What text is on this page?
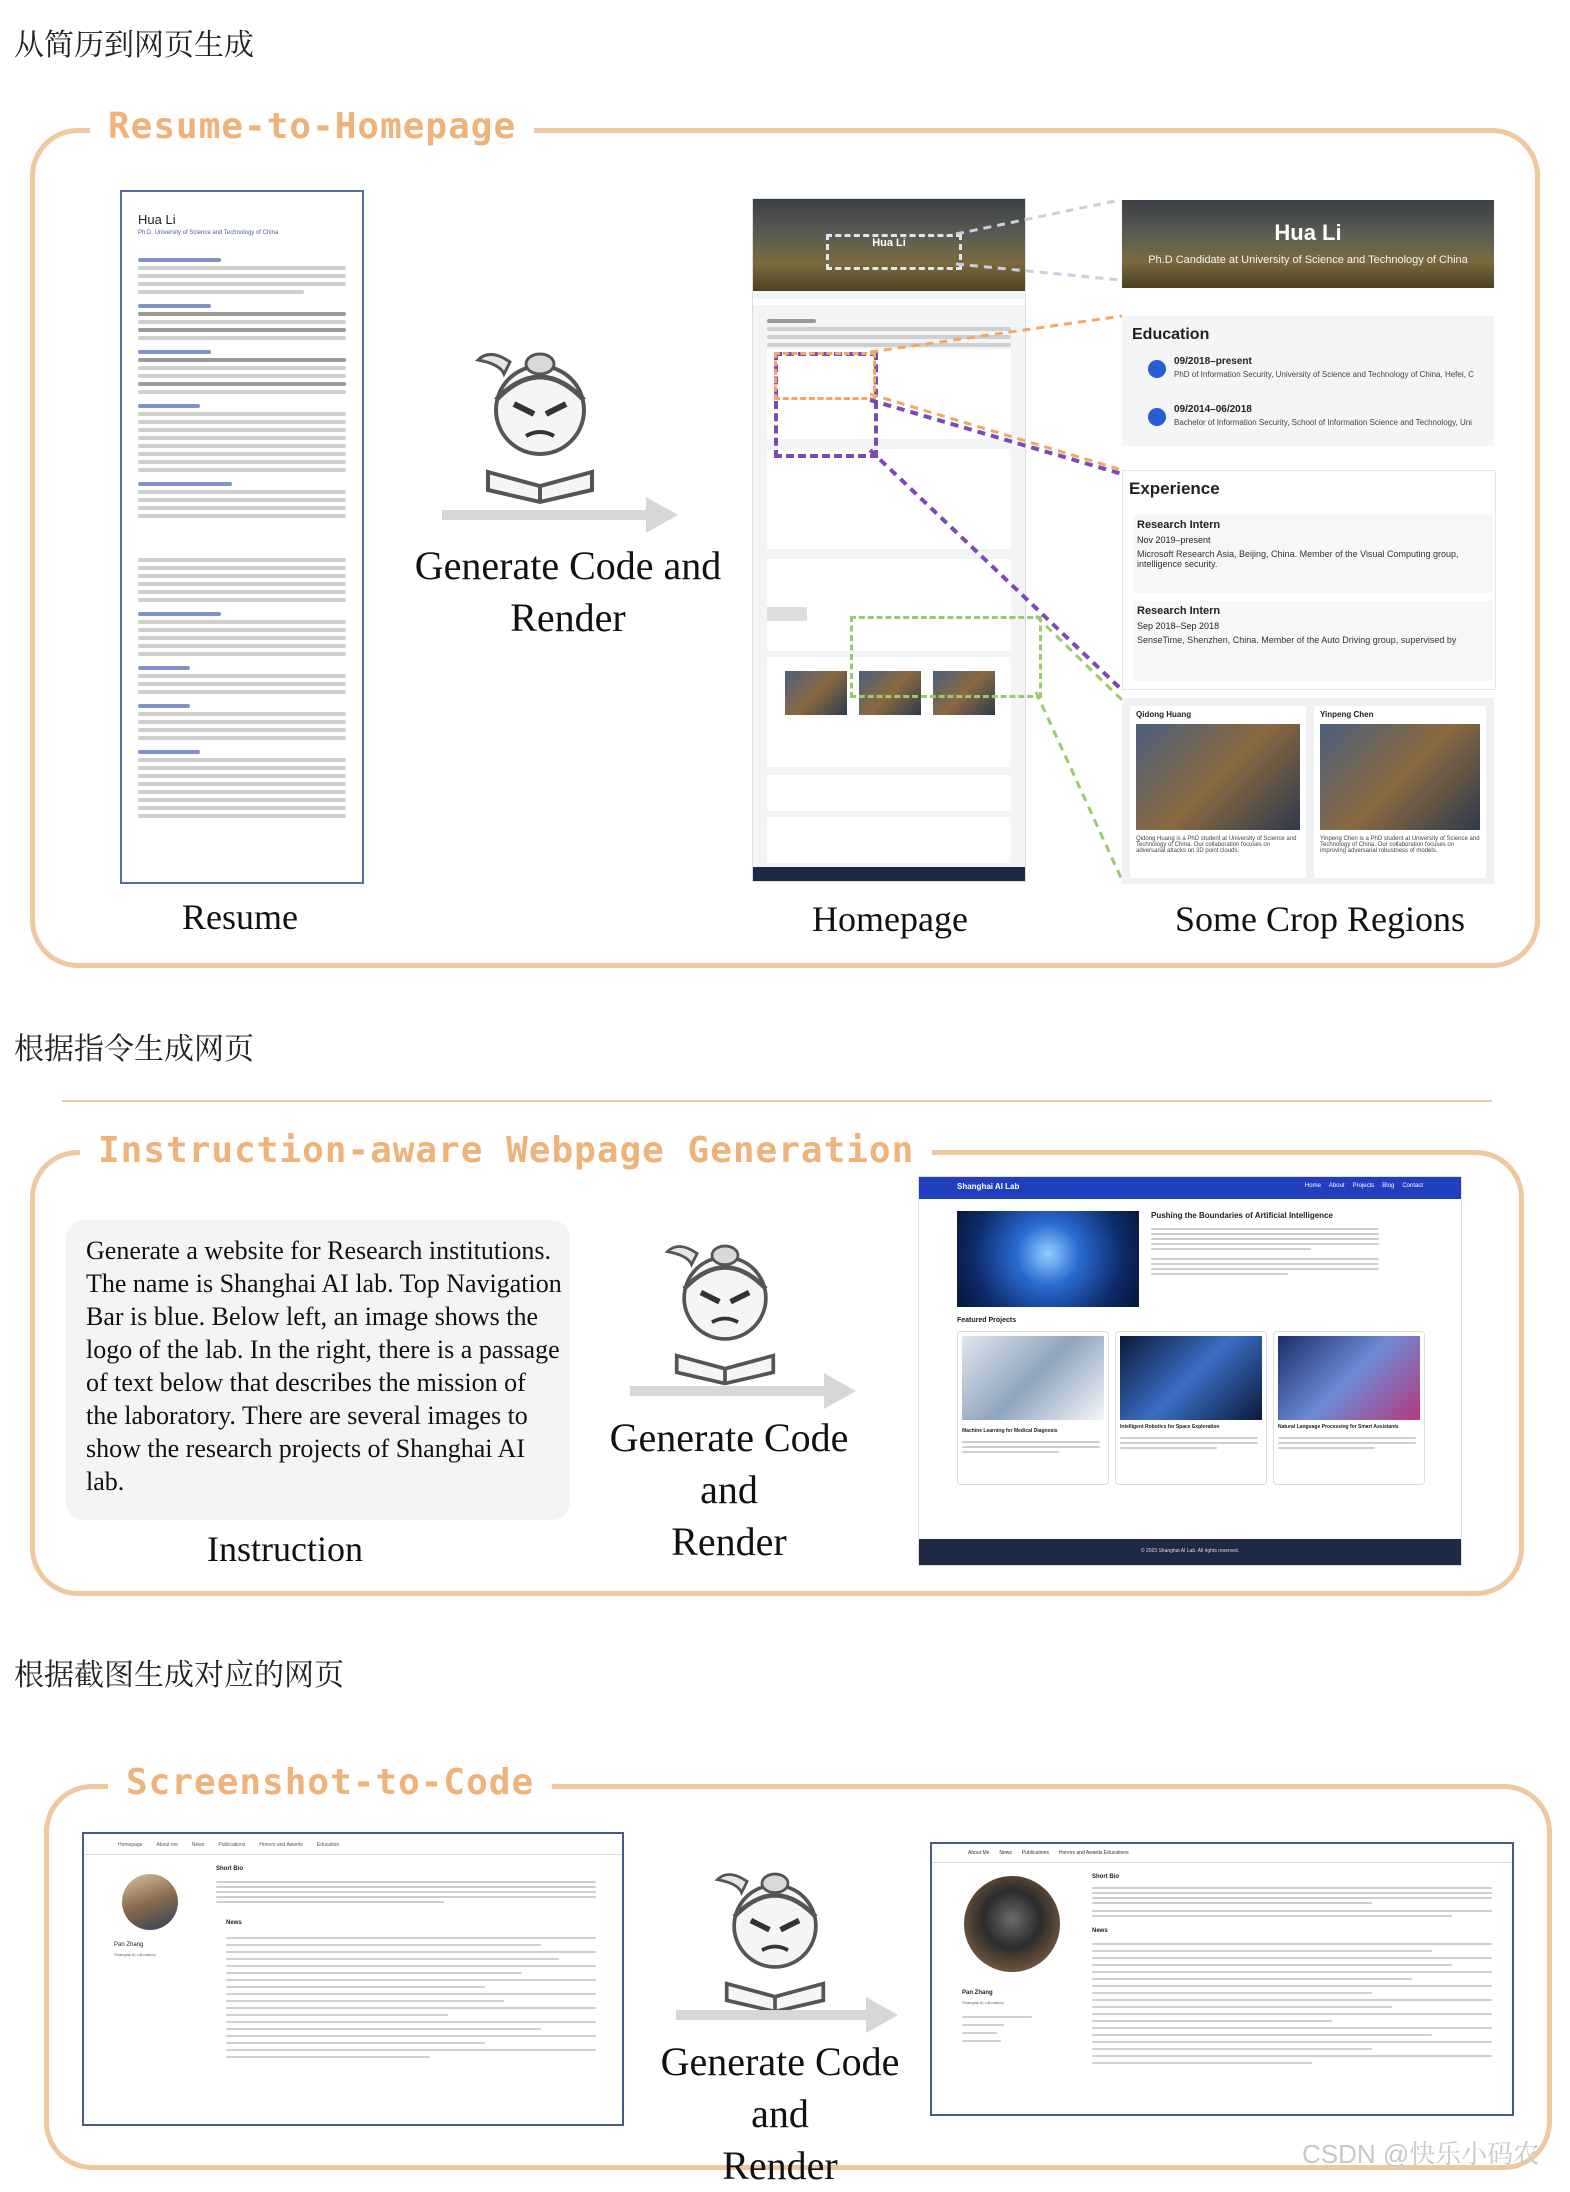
从简历到网页生成
Resume-to-Homepage
Hua Li
Ph.D. University of Science and Technology of China
Resume
Generate Code and
Render
Hua Li
Homepage
Hua Li
Ph.D Candidate at University of Science and Technology of China
Education
09/2018–present
PhD of Information Security, University of Science and Technology of China, Hefei, C
09/2014–06/2018
Bachelor of Information Security, School of Information Science and Technology, Uni
Experience
Research Intern
Nov 2019–present
Microsoft Research Asia, Beijing, China. Member of the Visual Computing group, intelligence security.
Research Intern
Sep 2018–Sep 2018
SenseTime, Shenzhen, China. Member of the Auto Driving group, supervised by
Qidong Huang
Qidong Huang is a PhD student at University of Science and Technology of China. Our collaboration focuses on adversarial attacks on 3D point clouds.
Yinpeng Chen
Yinpeng Chen is a PhD student at University of Science and Technology of China. Our collaboration focuses on improving adversarial robustness of models.
Some Crop Regions
根据指令生成网页
Instruction-aware Webpage Generation
Generate a website for Research institutions. The name is Shanghai AI lab. Top Navigation Bar is blue. Below left, an image shows the logo of the lab. In the right, there is a passage of text below that describes the mission of the laboratory. There are several images to show the research projects of Shanghai AI lab.
Instruction
Generate Code and
Render
Shanghai AI Lab	Home About Projects Blog Contact
Pushing the Boundaries of Artificial Intelligence
Featured Projects
Machine Learning for Medical Diagnosis
Intelligent Robotics for Space Exploration	Natural Language Processing for Smart Assistants
© 2023 Shanghai AI Lab. All rights reserved.
根据截图生成对应的网页
Screenshot-to-Code
Homepage	About me	News	Publications	Honors and Awards	Education
Pan Zhang
Shanghai AI Laboratory
Short Bio
News
Generate Code and
Render
About Me News Publications Honors and Awards Educations
Pan Zhang
Shanghai AI Laboratory
Short Bio
News
CSDN @快乐小码农
